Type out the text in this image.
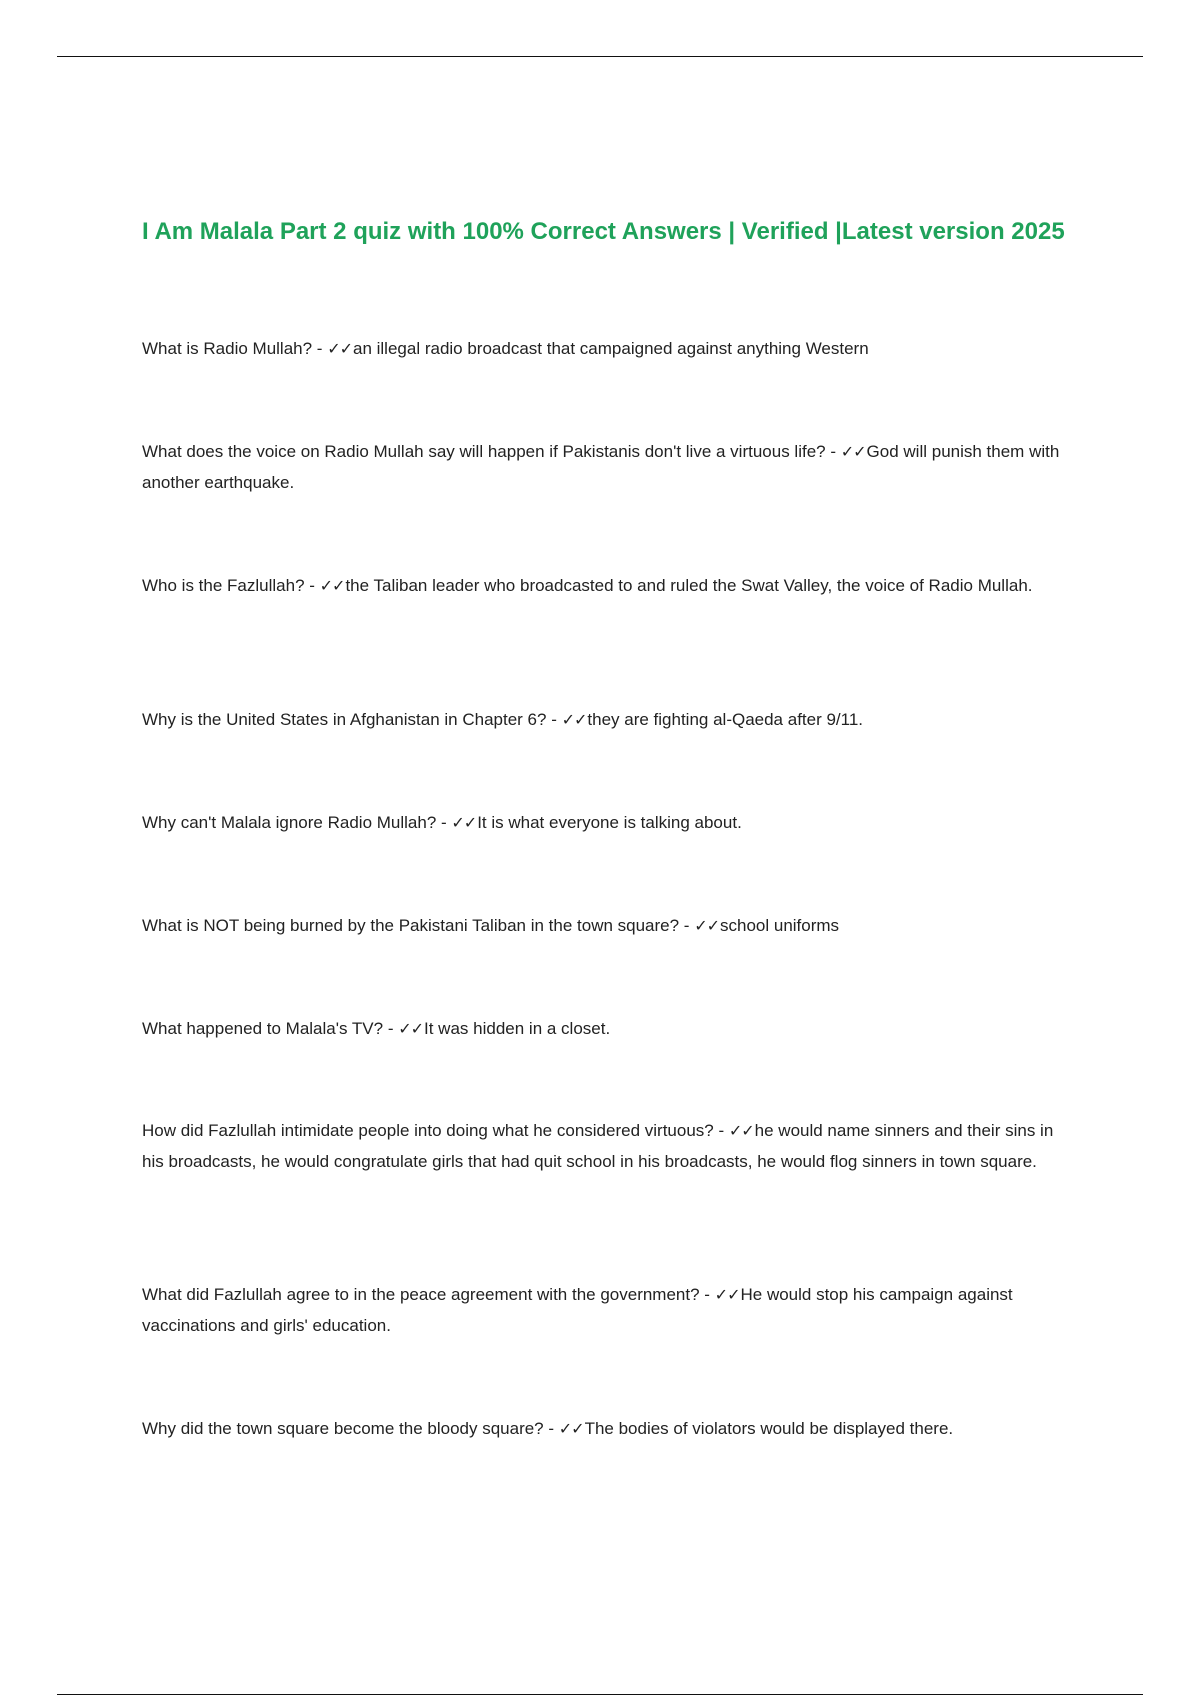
I Am Malala Part 2 quiz with 100% Correct Answers | Verified |Latest version 2025

What is Radio Mullah? - ✓✓an illegal radio broadcast that campaigned against anything Western

What does the voice on Radio Mullah say will happen if Pakistanis don't live a virtuous life? - ✓✓God will punish them with another earthquake.

Who is the Fazlullah? - ✓✓the Taliban leader who broadcasted to and ruled the Swat Valley, the voice of Radio Mullah.

Why is the United States in Afghanistan in Chapter 6? - ✓✓they are fighting al-Qaeda after 9/11.

Why can't Malala ignore Radio Mullah? - ✓✓It is what everyone is talking about.

What is NOT being burned by the Pakistani Taliban in the town square? - ✓✓school uniforms

What happened to Malala's TV? - ✓✓It was hidden in a closet.

How did Fazlullah intimidate people into doing what he considered virtuous? - ✓✓he would name sinners and their sins in his broadcasts, he would congratulate girls that had quit school in his broadcasts, he would flog sinners in town square.

What did Fazlullah agree to in the peace agreement with the government? - ✓✓He would stop his campaign against vaccinations and girls' education.

Why did the town square become the bloody square? - ✓✓The bodies of violators would be displayed there.
